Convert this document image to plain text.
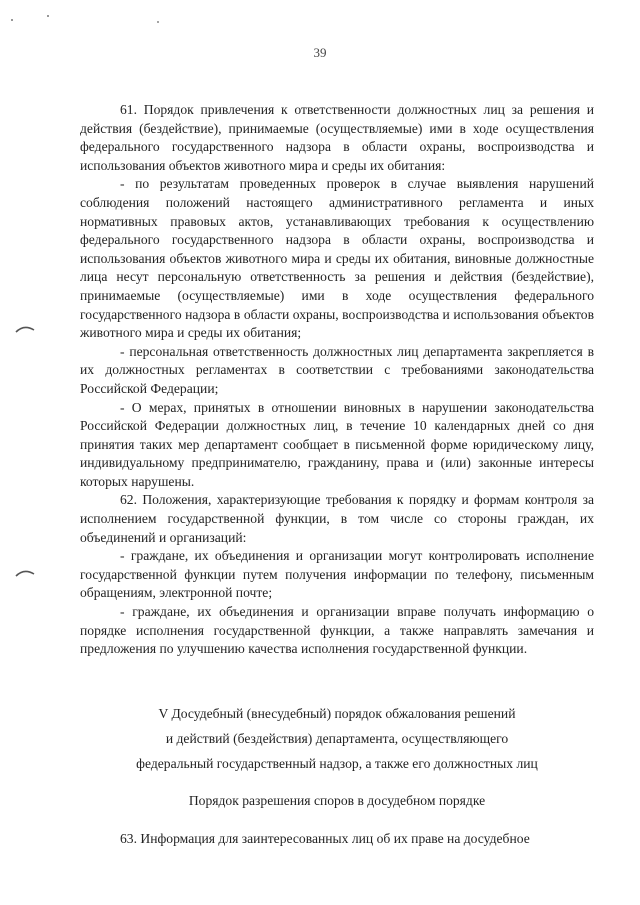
39

61. Порядок привлечения к ответственности должностных лиц за решения и действия (бездействие), принимаемые (осуществляемые) ими в ходе осуществления федерального государственного надзора в области охраны, воспроизводства и использования объектов животного мира и среды их обитания:

- по результатам проведенных проверок в случае выявления нарушений соблюдения положений настоящего административного регламента и иных нормативных правовых актов, устанавливающих требования к осуществлению федерального государственного надзора в области охраны, воспроизводства и использования объектов животного мира и среды их обитания, виновные должностные лица несут персональную ответственность за решения и действия (бездействие), принимаемые (осуществляемые) ими в ходе осуществления федерального государственного надзора в области охраны, воспроизводства и использования объектов животного мира и среды их обитания;

- персональная ответственность должностных лиц департамента закрепляется в их должностных регламентах в соответствии с требованиями законодательства Российской Федерации;

- О мерах, принятых в отношении виновных в нарушении законодательства Российской Федерации должностных лиц, в течение 10 календарных дней со дня принятия таких мер департамент сообщает в письменной форме юридическому лицу, индивидуальному предпринимателю, гражданину, права и (или) законные интересы которых нарушены.

62. Положения, характеризующие требования к порядку и формам контроля за исполнением государственной функции, в том числе со стороны граждан, их объединений и организаций:

- граждане, их объединения и организации могут контролировать исполнение государственной функции путем получения информации по телефону, письменным обращениям, электронной почте;

- граждане, их объединения и организации вправе получать информацию о порядке исполнения государственной функции, а также направлять замечания и предложения по улучшению качества исполнения государственной функции.

V Досудебный (внесудебный) порядок обжалования решений
и действий (бездействия) департамента, осуществляющего
федеральный государственный надзор, а также его должностных лиц
Порядок разрешения споров в досудебном порядке
63. Информация для заинтересованных лиц об их праве на досудебное
